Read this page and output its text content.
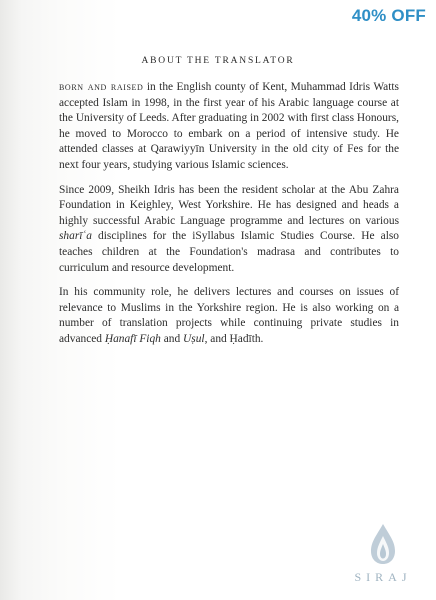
40% OFF
ABOUT THE TRANSLATOR

born and raised in the English county of Kent, Muhammad Idris Watts accepted Islam in 1998, in the first year of his Arabic language course at the University of Leeds. After graduating in 2002 with first class Honours, he moved to Morocco to embark on a period of intensive study. He attended classes at Qarawiyyīn University in the old city of Fes for the next four years, studying various Islamic sciences.

Since 2009, Sheikh Idris has been the resident scholar at the Abu Zahra Foundation in Keighley, West Yorkshire. He has designed and heads a highly successful Arabic Language programme and lectures on various sharīʿa disciplines for the iSyllabus Islamic Studies Course. He also teaches children at the Foundation's madrasa and contributes to curriculum and resource development.

In his community role, he delivers lectures and courses on issues of relevance to Muslims in the Yorkshire region. He is also working on a number of translation projects while continuing private studies in advanced Ḥanafī Fiqh and Uṣul, and Ḥadīth.

SIRAJ
